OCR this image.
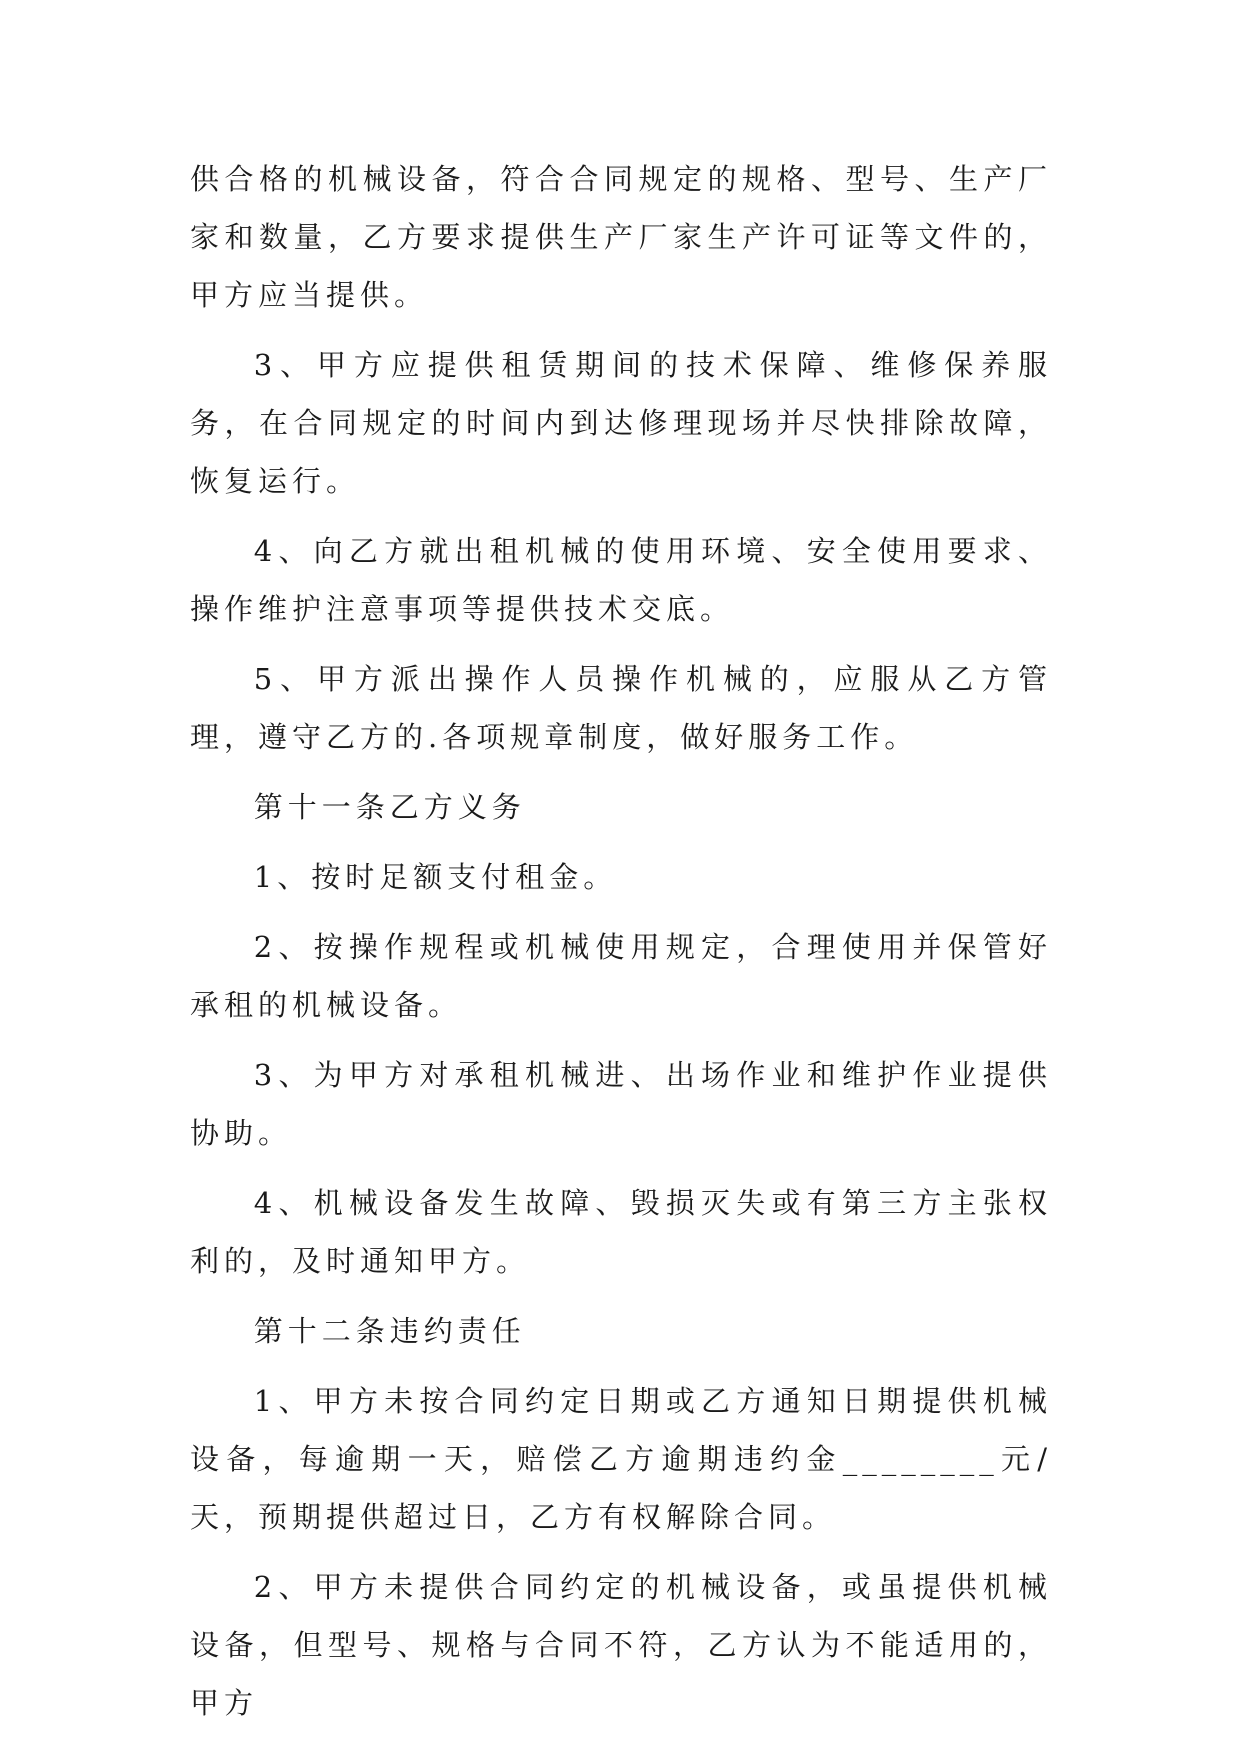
供合格的机械设备，符合合同规定的规格、型号、生产厂家和数量，乙方要求提供生产厂家生产许可证等文件的，甲方应当提供。

3、甲方应提供租赁期间的技术保障、维修保养服务，在合同规定的时间内到达修理现场并尽快排除故障，恢复运行。

4、向乙方就出租机械的使用环境、安全使用要求、操作维护注意事项等提供技术交底。

5、甲方派出操作人员操作机械的，应服从乙方管理，遵守乙方的.各项规章制度，做好服务工作。

第十一条乙方义务

1、按时足额支付租金。

2、按操作规程或机械使用规定，合理使用并保管好承租的机械设备。

3、为甲方对承租机械进、出场作业和维护作业提供协助。

4、机械设备发生故障、毁损灭失或有第三方主张权利的，及时通知甲方。

第十二条违约责任

1、甲方未按合同约定日期或乙方通知日期提供机械设备，每逾期一天，赔偿乙方逾期违约金________元/天，预期提供超过日，乙方有权解除合同。

2、甲方未提供合同约定的机械设备，或虽提供机械设备，但型号、规格与合同不符，乙方认为不能适用的，甲方
